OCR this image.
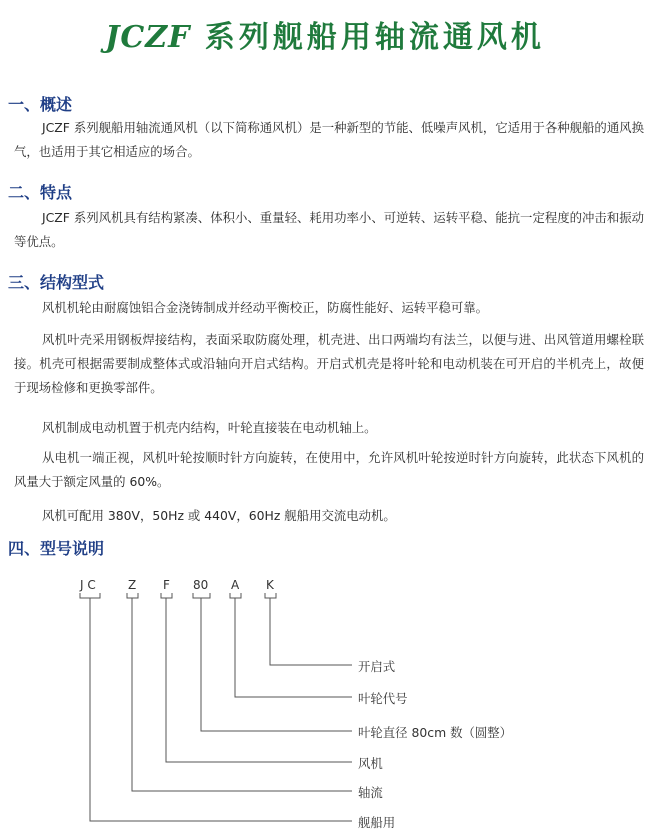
JCZF 系列舰船用轴流通风机
一、概述
JCZF 系列舰船用轴流通风机（以下简称通风机）是一种新型的节能、低噪声风机，它适用于各种舰船的通风换气，也适用于其它相适应的场合。
二、特点
JCZF 系列风机具有结构紧凑、体积小、重量轻、耗用功率小、可逆转、运转平稳、能抗一定程度的冲击和振动等优点。
三、结构型式
风机机轮由耐腐蚀铝合金浇铸制成并经动平衡校正，防腐性能好、运转平稳可靠。
风机叶壳采用钢板焊接结构，表面采取防腐处理，机壳进、出口两端均有法兰，以便与进、出风管道用螺栓联接。机壳可根据需要制成整体式或沿轴向开启式结构。开启式机壳是将叶轮和电动机装在可开启的半机壳上，故便于现场检修和更换零部件。
风机制成电动机置于机壳内结构，叶轮直接装在电动机轴上。
从电机一端正视，风机叶轮按顺时针方向旋转，在使用中，允许风机叶轮按逆时针方向旋转，此状态下风机的风量大于额定风量的 60%。
风机可配用 380V，50Hz 或 440V，60Hz 舰船用交流电动机。
四、型号说明
J C	Z F 80 A K
开启式
叶轮代号
叶轮直径 80cm 数（圆整）
风机
轴流
舰船用
